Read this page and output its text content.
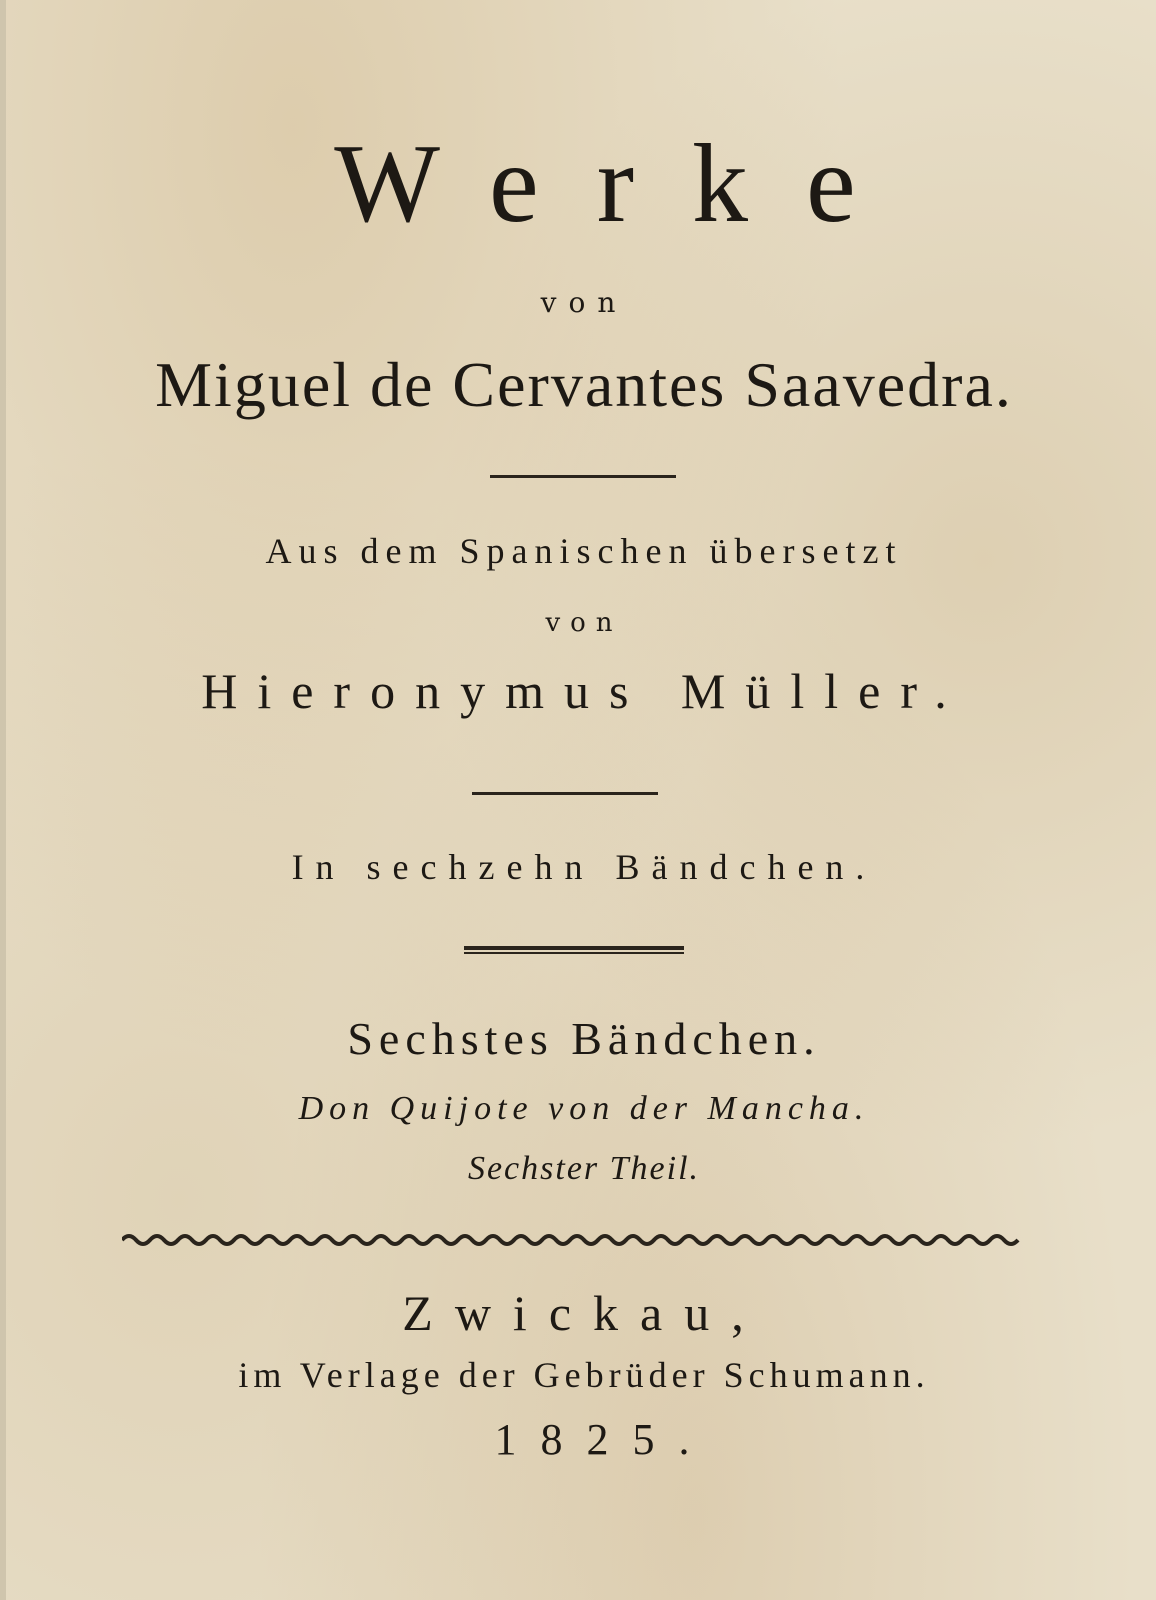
Werke
von
Miguel de Cervantes Saavedra.
Aus dem Spanischen übersetzt
von
Hieronymus Müller.
In sechzehn Bändchen.
Sechstes Bändchen.
Don Quijote von der Mancha.
Sechster Theil.
Zwickau,
im Verlage der Gebrüder Schumann.
1825.
